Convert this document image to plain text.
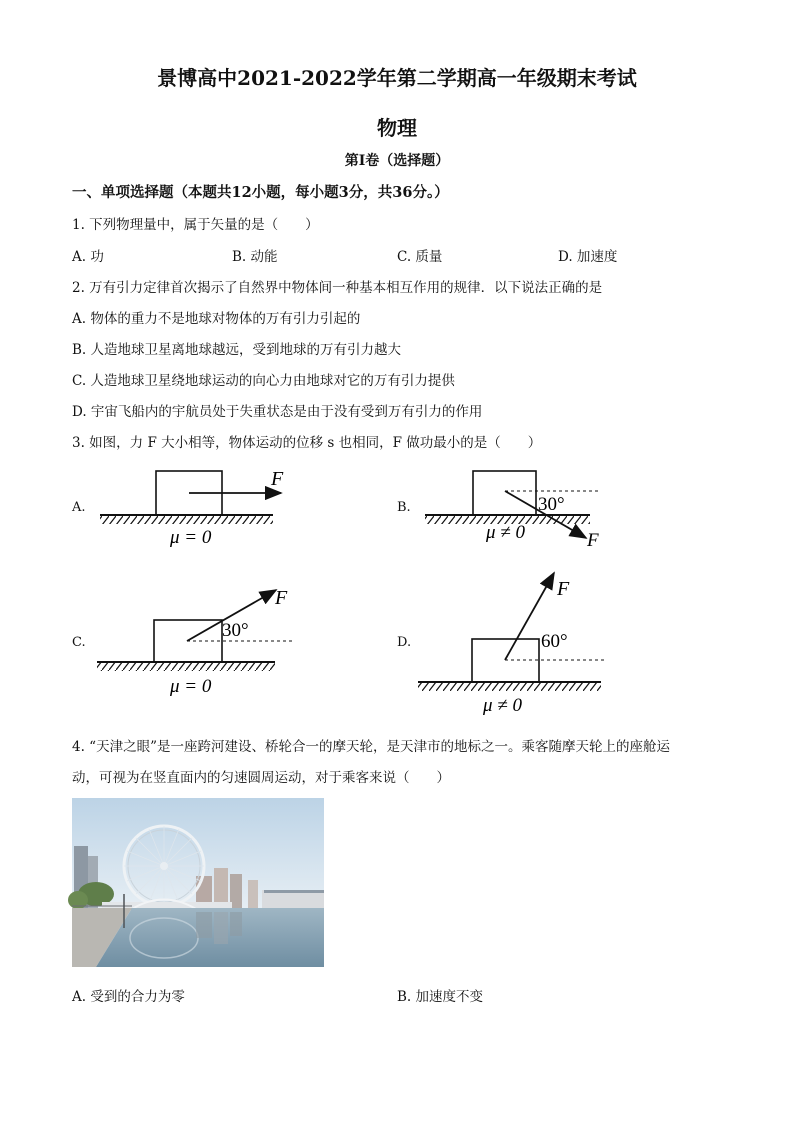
景博高中2021-2022学年第二学期高一年级期末考试
物理
第Ⅰ卷（选择题）
一、单项选择题（本题共12小题，每小题3分，共36分。）
1. 下列物理量中，属于矢量的是（　　）
A. 功	B. 动能	C. 质量	D. 加速度
2. 万有引力定律首次揭示了自然界中物体间一种基本相互作用的规律．以下说法正确的是
A. 物体的重力不是地球对物体的万有引力引起的
B. 人造地球卫星离地球越远，受到地球的万有引力越大
C. 人造地球卫星绕地球运动的向心力由地球对它的万有引力提供
D. 宇宙飞船内的宇航员处于失重状态是由于没有受到万有引力的作用
3. 如图，力 F 大小相等，物体运动的位移 s 也相同，F 做功最小的是（　　）
A.
F
μ = 0
B.	30°
F
μ ≠ 0
C.
30°
F
μ = 0
D.	60°
F
μ ≠ 0
4. “天津之眼”是一座跨河建设、桥轮合一的摩天轮，是天津市的地标之一。乘客随摩天轮上的座舱运
动，可视为在竖直面内的匀速圆周运动，对于乘客来说（　　）
A. 受到的合力为零	B. 加速度不变
